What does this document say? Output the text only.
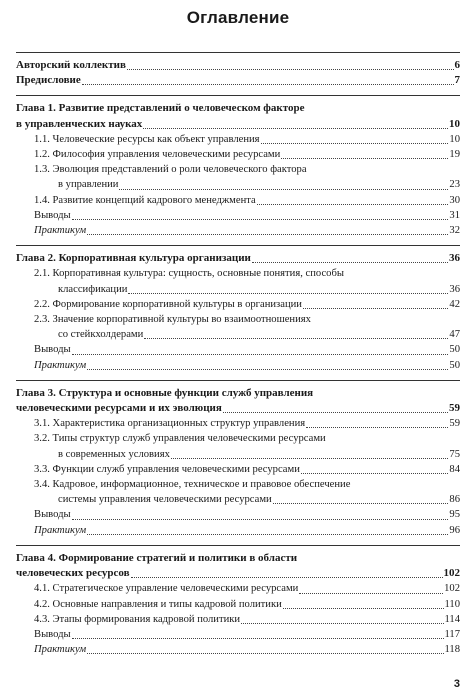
Оглавление
Авторский коллектив	6
Предисловие	7
Глава 1. Развитие представлений о человеческом факторе
в управленческих науках	10
1.1. Человеческие ресурсы как объект управления	10
1.2. Философия управления человеческими ресурсами	19
1.3. Эволюция представлений о роли человеческого фактора
в управлении	23
1.4. Развитие концепций кадрового менеджмента	30
Выводы	31
Практикум	32
Глава 2. Корпоративная культура организации	36
2.1. Корпоративная культура: сущность, основные понятия, способы
классификации	36
2.2. Формирование корпоративной культуры в организации	42
2.3. Значение корпоративной культуры во взаимоотношениях
со стейкхолдерами	47
Выводы	50
Практикум	50
Глава 3. Структура и основные функции служб управления
человеческими ресурсами и их эволюция	59
3.1. Характеристика организационных структур управления	59
3.2. Типы структур служб управления человеческими ресурсами
в современных условиях	75
3.3. Функции служб управления человеческими ресурсами	84
3.4. Кадровое, информационное, техническое и правовое обеспечение
системы управления человеческими ресурсами	86
Выводы	95
Практикум	96
Глава 4. Формирование стратегий и политики в области
человеческих ресурсов	102
4.1. Стратегическое управление человеческими ресурсами	102
4.2. Основные направления и типы кадровой политики	110
4.3. Этапы формирования кадровой политики	114
Выводы	117
Практикум	118
3
